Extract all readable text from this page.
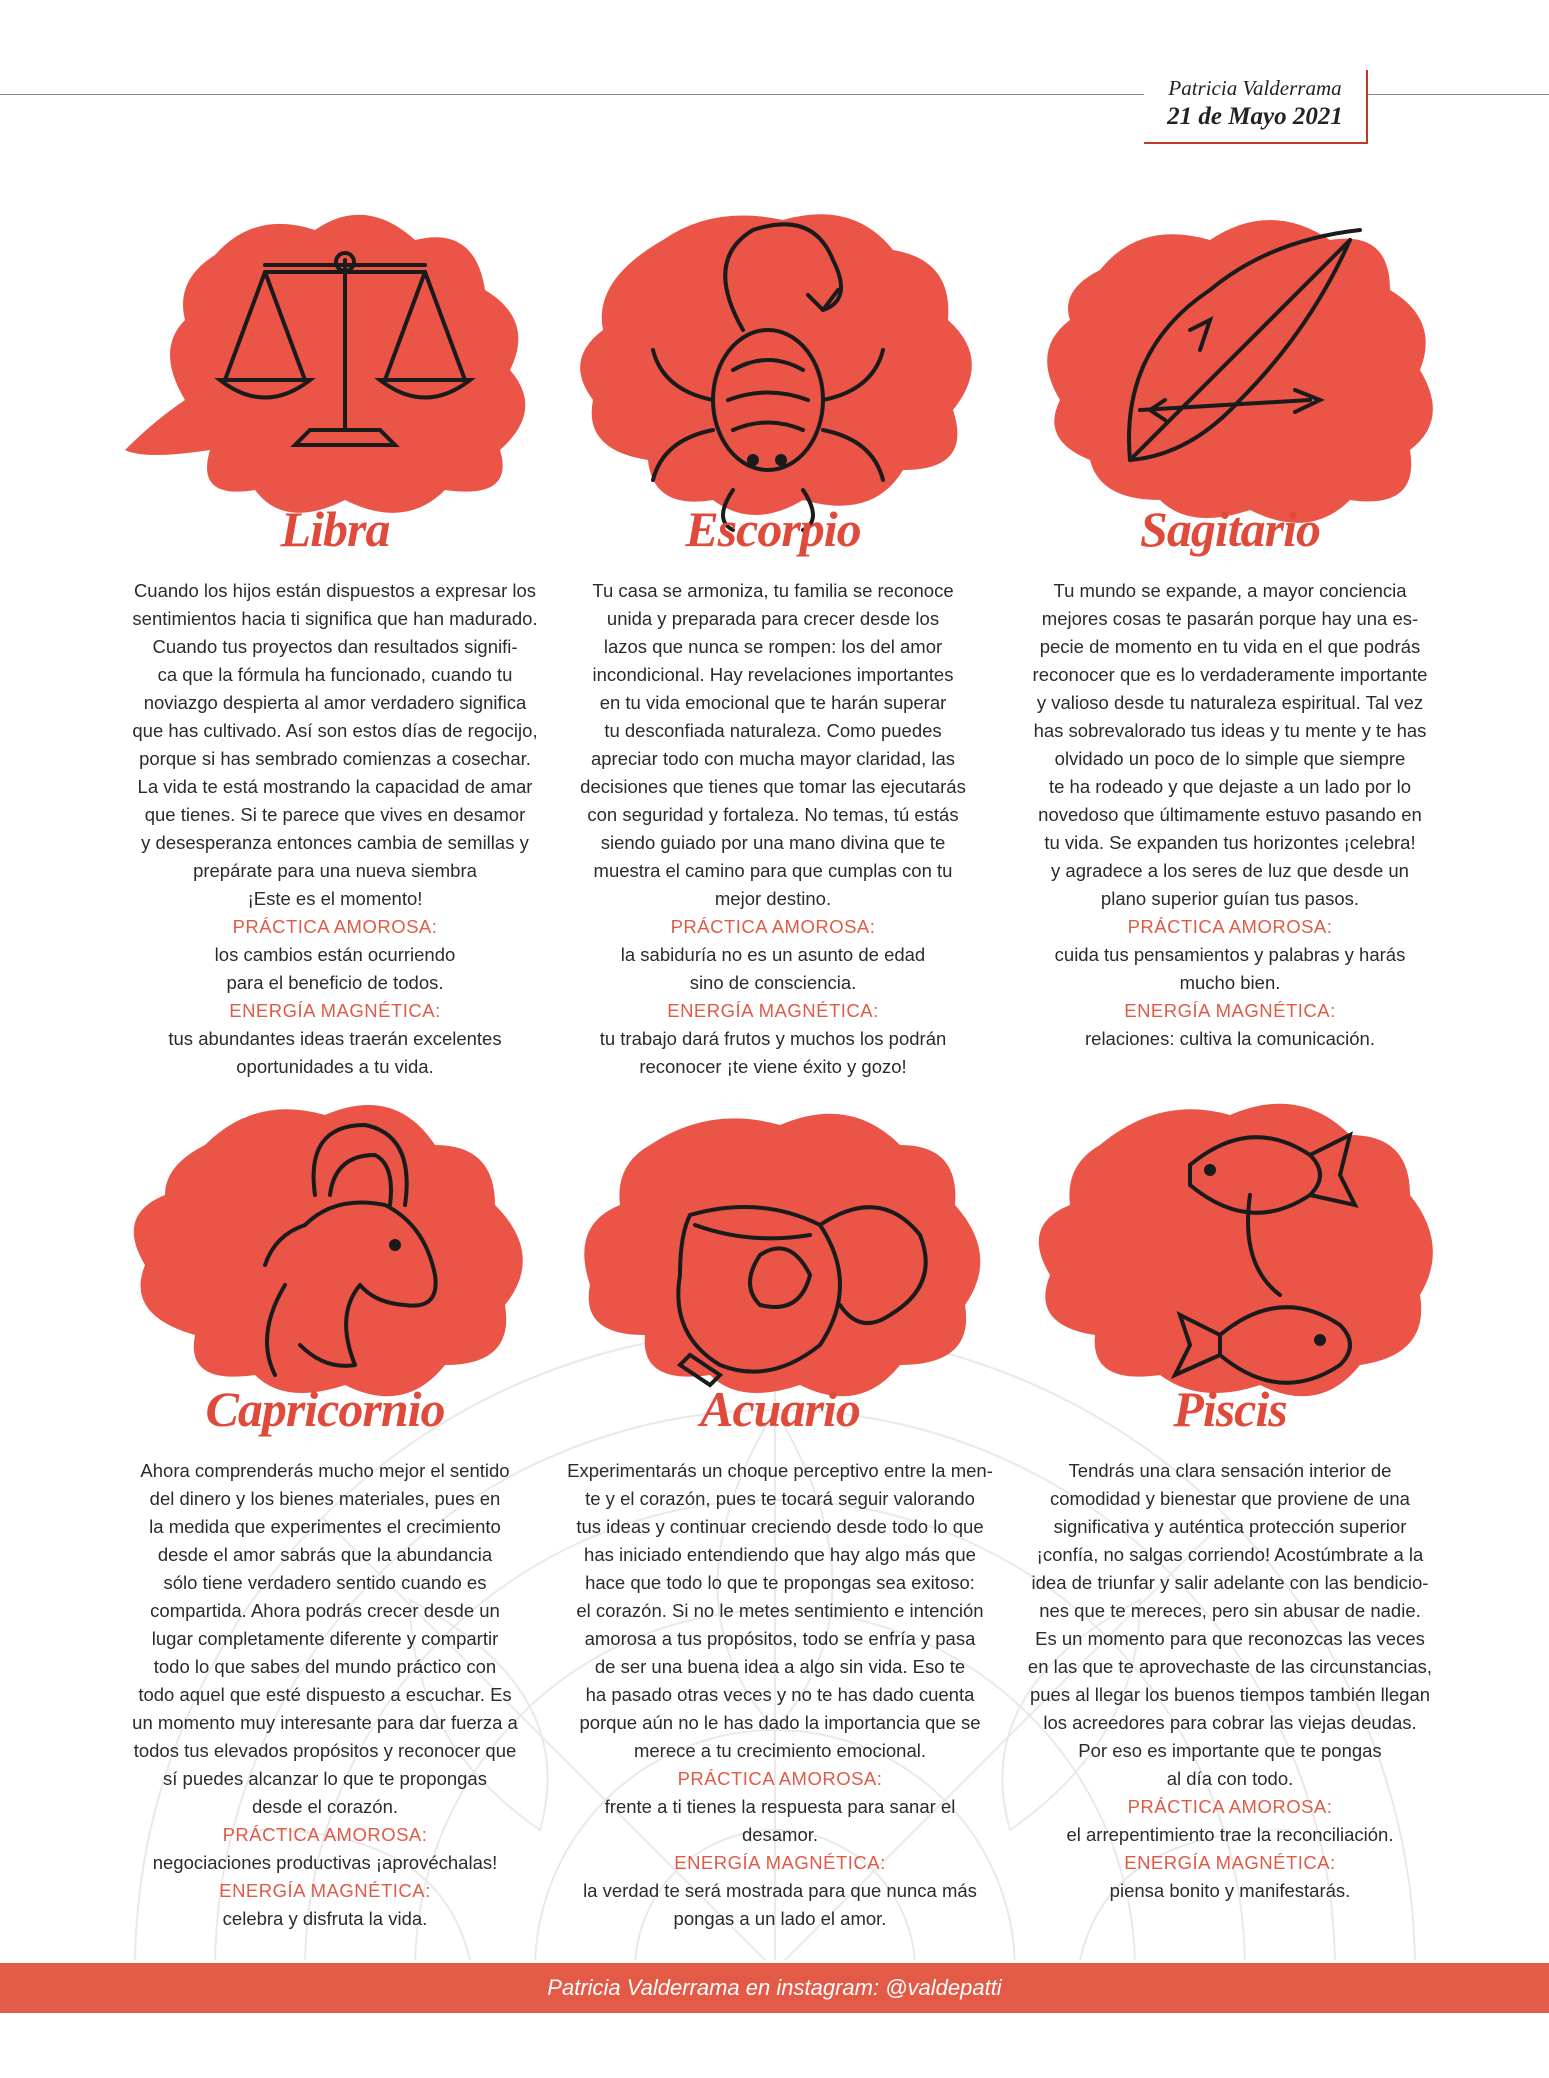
Patricia Valderrama
21 de Mayo 2021
Libra
Cuando los hijos están dispuestos a expresar los
sentimientos hacia ti significa que han madurado.
Cuando tus proyectos dan resultados signifi-
ca que la fórmula ha funcionado, cuando tu
noviazgo despierta al amor verdadero significa
que has cultivado. Así son estos días de regocijo,
porque si has sembrado comienzas a cosechar.
La vida te está mostrando la capacidad de amar
que tienes. Si te parece que vives en desamor
y desesperanza entonces cambia de semillas y
prepárate para una nueva siembra
¡Este es el momento!
PRÁCTICA AMOROSA:
los cambios están ocurriendo
para el beneficio de todos.
ENERGÍA MAGNÉTICA:
tus abundantes ideas traerán excelentes
oportunidades a tu vida.
Escorpio
Tu casa se armoniza, tu familia se reconoce
unida y preparada para crecer desde los
lazos que nunca se rompen: los del amor
incondicional. Hay revelaciones importantes
en tu vida emocional que te harán superar
tu desconfiada naturaleza. Como puedes
apreciar todo con mucha mayor claridad, las
decisiones que tienes que tomar las ejecutarás
con seguridad y fortaleza. No temas, tú estás
siendo guiado por una mano divina que te
muestra el camino para que cumplas con tu
mejor destino.
PRÁCTICA AMOROSA:
la sabiduría no es un asunto de edad
sino de consciencia.
ENERGÍA MAGNÉTICA:
tu trabajo dará frutos y muchos los podrán
reconocer ¡te viene éxito y gozo!
Sagitario
Tu mundo se expande, a mayor conciencia
mejores cosas te pasarán porque hay una es-
pecie de momento en tu vida en el que podrás
reconocer que es lo verdaderamente importante
y valioso desde tu naturaleza espiritual. Tal vez
has sobrevalorado tus ideas y tu mente y te has
olvidado un poco de lo simple que siempre
te ha rodeado y que dejaste a un lado por lo
novedoso que últimamente estuvo pasando en
tu vida. Se expanden tus horizontes ¡celebra!
y agradece a los seres de luz que desde un
plano superior guían tus pasos.
PRÁCTICA AMOROSA:
cuida tus pensamientos y palabras y harás
mucho bien.
ENERGÍA MAGNÉTICA:
relaciones: cultiva la comunicación.
Capricornio
Ahora comprenderás mucho mejor el sentido
del dinero y los bienes materiales, pues en
la medida que experimentes el crecimiento
desde el amor sabrás que la abundancia
sólo tiene verdadero sentido cuando es
compartida. Ahora podrás crecer desde un
lugar completamente diferente y compartir
todo lo que sabes del mundo práctico con
todo aquel que esté dispuesto a escuchar. Es
un momento muy interesante para dar fuerza a
todos tus elevados propósitos y reconocer que
sí puedes alcanzar lo que te propongas
desde el corazón.
PRÁCTICA AMOROSA:
negociaciones productivas ¡aprovéchalas!
ENERGÍA MAGNÉTICA:
celebra y disfruta la vida.
Acuario
Experimentarás un choque perceptivo entre la men-
te y el corazón, pues te tocará seguir valorando
tus ideas y continuar creciendo desde todo lo que
has iniciado entendiendo que hay algo más que
hace que todo lo que te propongas sea exitoso:
el corazón. Si no le metes sentimiento e intención
amorosa a tus propósitos, todo se enfría y pasa
de ser una buena idea a algo sin vida. Eso te
ha pasado otras veces y no te has dado cuenta
porque aún no le has dado la importancia que se
merece a tu crecimiento emocional.
PRÁCTICA AMOROSA:
frente a ti tienes la respuesta para sanar el
desamor.
ENERGÍA MAGNÉTICA:
la verdad te será mostrada para que nunca más
pongas a un lado el amor.
Piscis
Tendrás una clara sensación interior de
comodidad y bienestar que proviene de una
significativa y auténtica protección superior
¡confía, no salgas corriendo! Acostúmbrate a la
idea de triunfar y salir adelante con las bendicio-
nes que te mereces, pero sin abusar de nadie.
Es un momento para que reconozcas las veces
en las que te aprovechaste de las circunstancias,
pues al llegar los buenos tiempos también llegan
los acreedores para cobrar las viejas deudas.
Por eso es importante que te pongas
al día con todo.
PRÁCTICA AMOROSA:
el arrepentimiento trae la reconciliación.
ENERGÍA MAGNÉTICA:
piensa bonito y manifestarás.
Patricia Valderrama en instagram: @valdepatti
